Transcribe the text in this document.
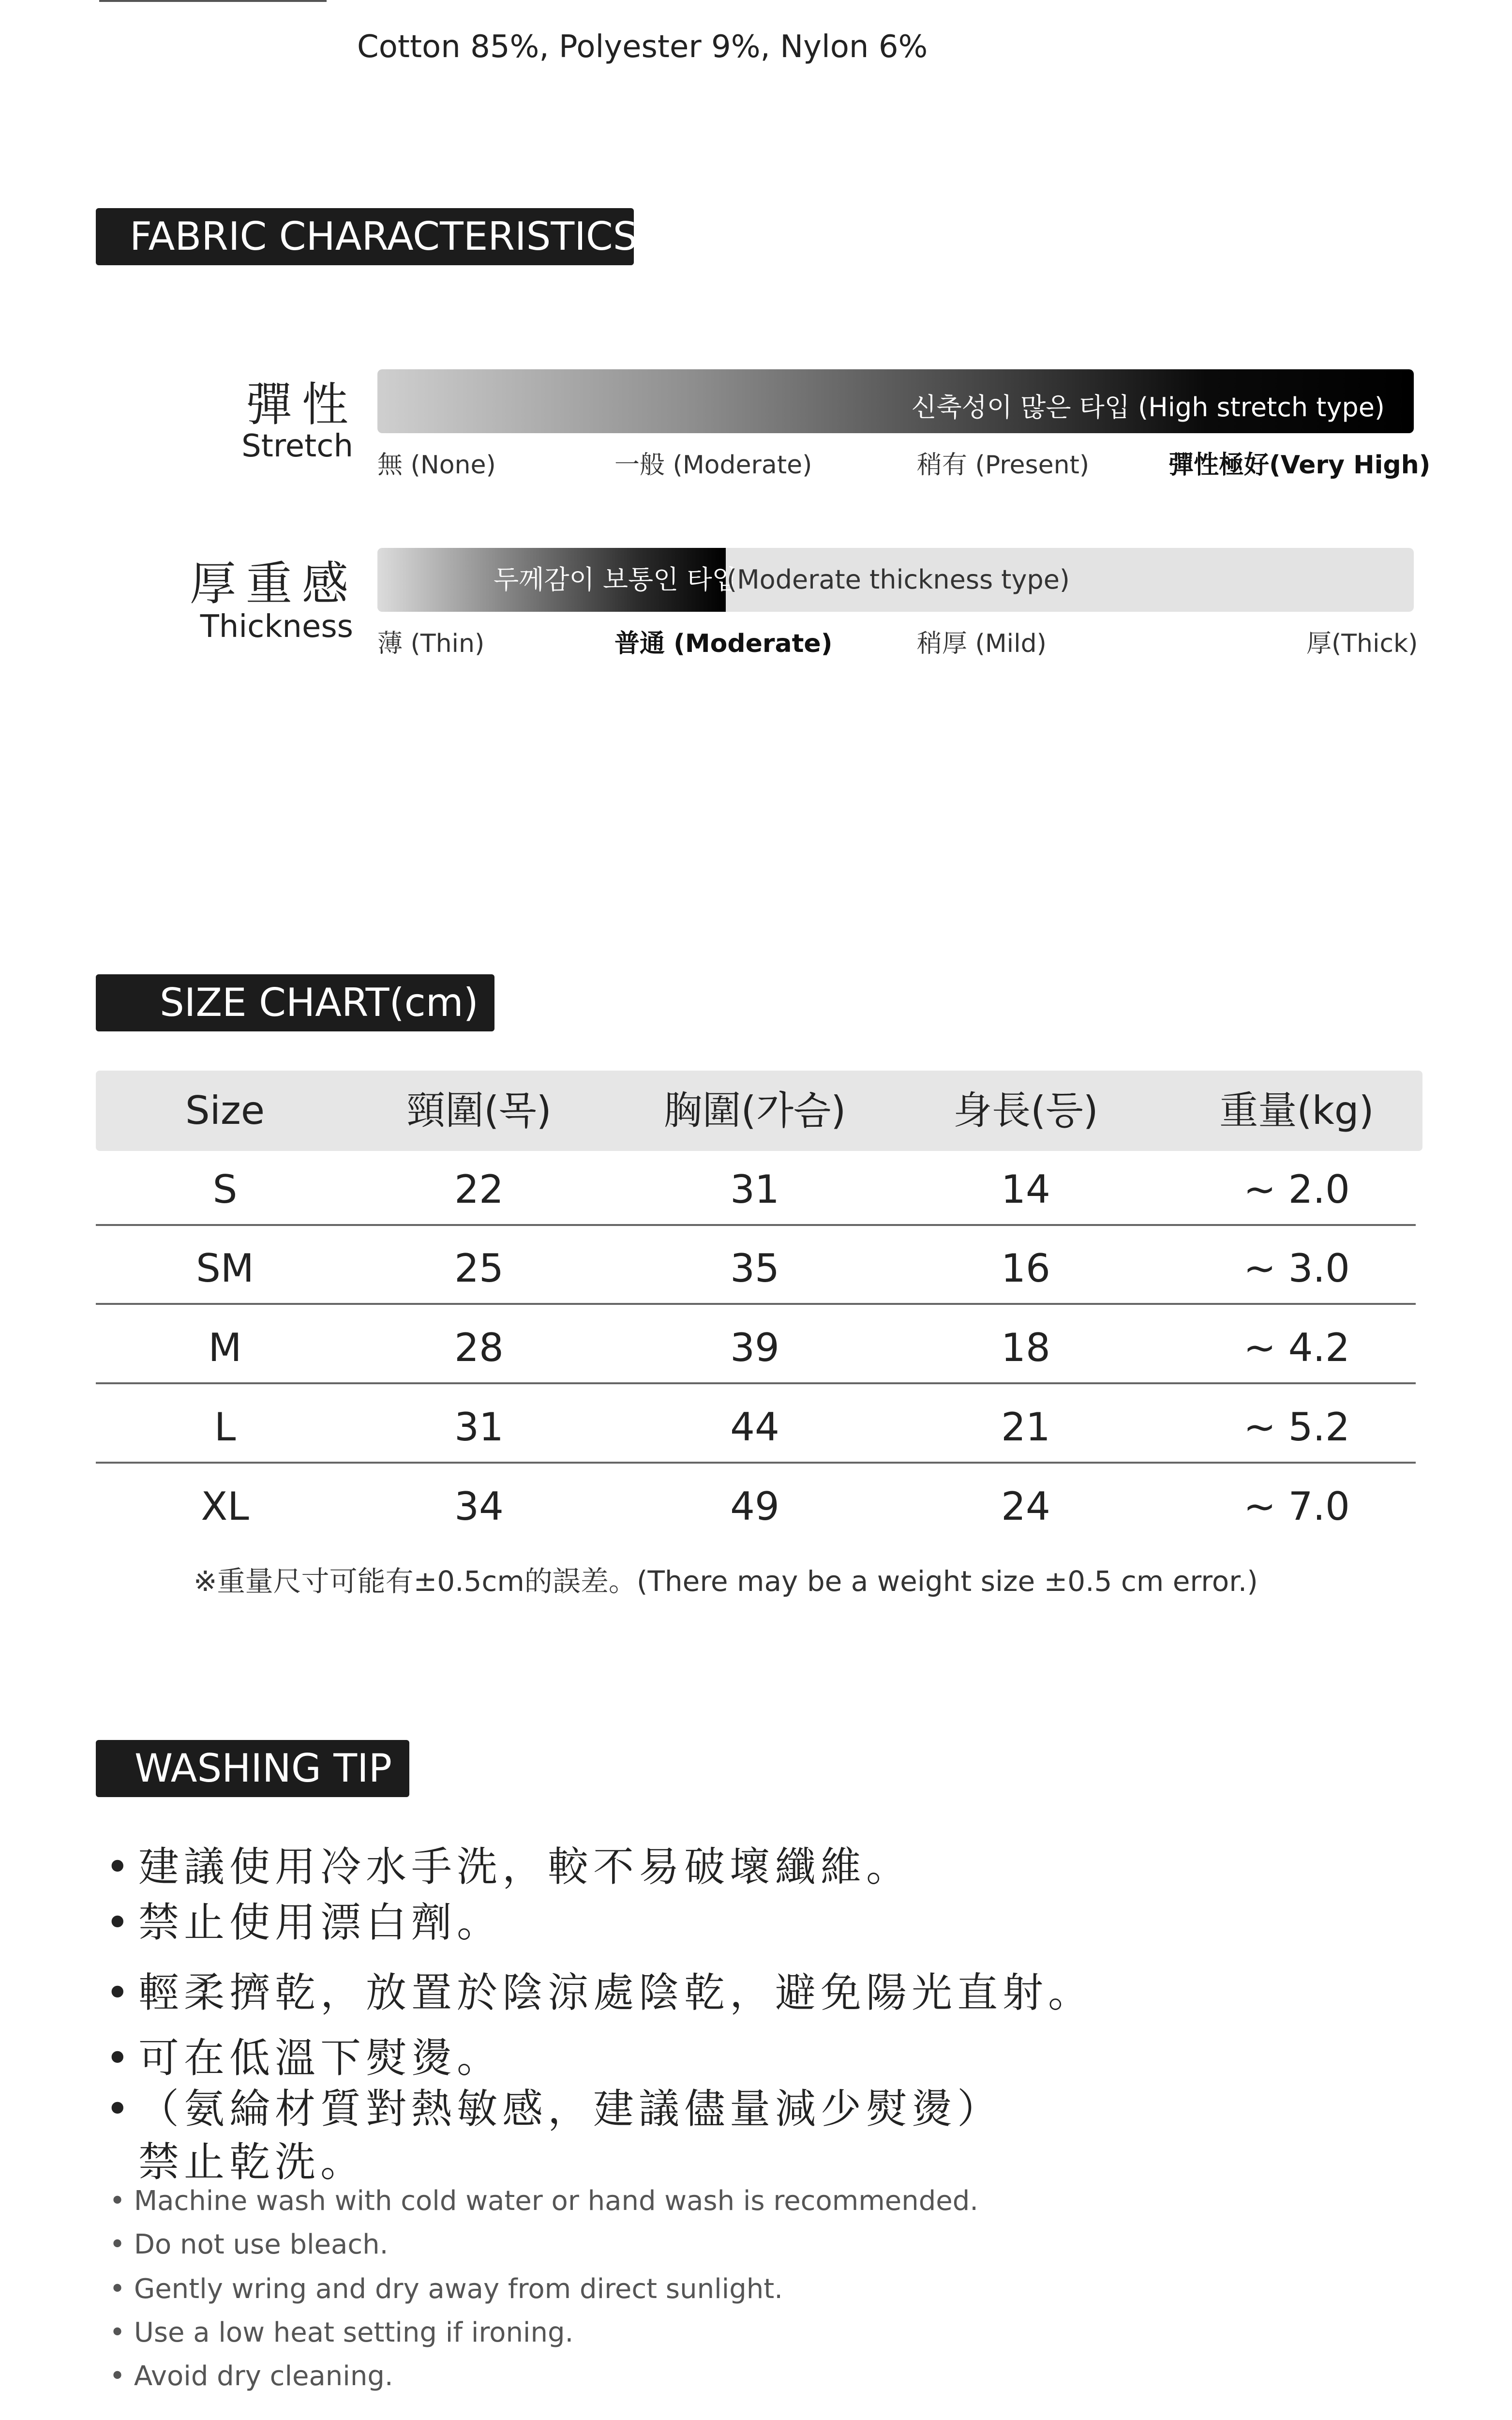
Cotton 85%, Polyester 9%, Nylon 6%
FABRIC CHARACTERISTICS
彈性
Stretch
신축성이 많은 타입 (High stretch type)
無 (None)	一般 (Moderate)	稍有 (Present)	彈性極好(Very High)
厚重感
Thickness
두께감이 보통인 타입
(Moderate thickness type)
薄 (Thin)	普通 (Moderate)	稍厚 (Mild)	厚(Thick)
SIZE CHART(cm)
Size	頸圍(목)	胸圍(가슴)	身長(등)	重量(kg)
S	22	31	14	~ 2.0
SM	25	35	16	~ 3.0
M	28	39	18	~ 4.2
L	31	44	21	~ 5.2
XL	34	49	24	~ 7.0
※重量尺寸可能有±0.5cm的誤差。(There may be a weight size ±0.5 cm error.)
WASHING TIP
• 建議使用冷水手洗，較不易破壞纖維。
• 禁止使用漂白劑。
• 輕柔擠乾，放置於陰涼處陰乾，避免陽光直射。
• 可在低溫下熨燙。
• （氨綸材質對熱敏感，建議儘量減少熨燙）
禁止乾洗。
• Machine wash with cold water or hand wash is recommended.
• Do not use bleach.
• Gently wring and dry away from direct sunlight.
• Use a low heat setting if ironing.
• Avoid dry cleaning.
